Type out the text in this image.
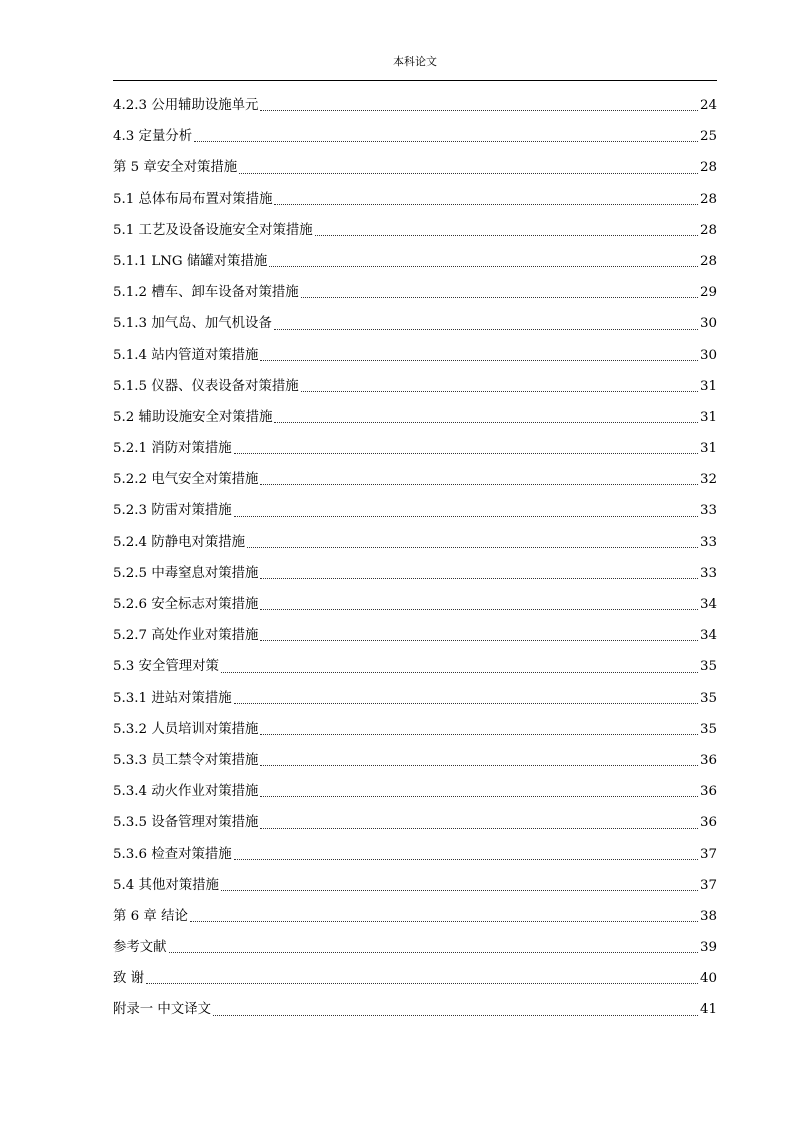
本科论文
4.2.3 公用辅助设施单元	24
4.3 定量分析	25
第 5 章安全对策措施	28
5.1 总体布局布置对策措施	28
5.1 工艺及设备设施安全对策措施	28
5.1.1 LNG 储罐对策措施	28
5.1.2 槽车、卸车设备对策措施	29
5.1.3 加气岛、加气机设备	30
5.1.4 站内管道对策措施	30
5.1.5 仪器、仪表设备对策措施	31
5.2 辅助设施安全对策措施	31
5.2.1 消防对策措施	31
5.2.2 电气安全对策措施	32
5.2.3 防雷对策措施	33
5.2.4 防静电对策措施	33
5.2.5 中毒窒息对策措施	33
5.2.6 安全标志对策措施	34
5.2.7 高处作业对策措施	34
5.3 安全管理对策	35
5.3.1 进站对策措施	35
5.3.2 人员培训对策措施	35
5.3.3 员工禁令对策措施	36
5.3.4 动火作业对策措施	36
5.3.5 设备管理对策措施	36
5.3.6 检查对策措施	37
5.4 其他对策措施	37
第 6 章 结论	38
参考文献	39
致 谢	40
附录一 中文译文	41
